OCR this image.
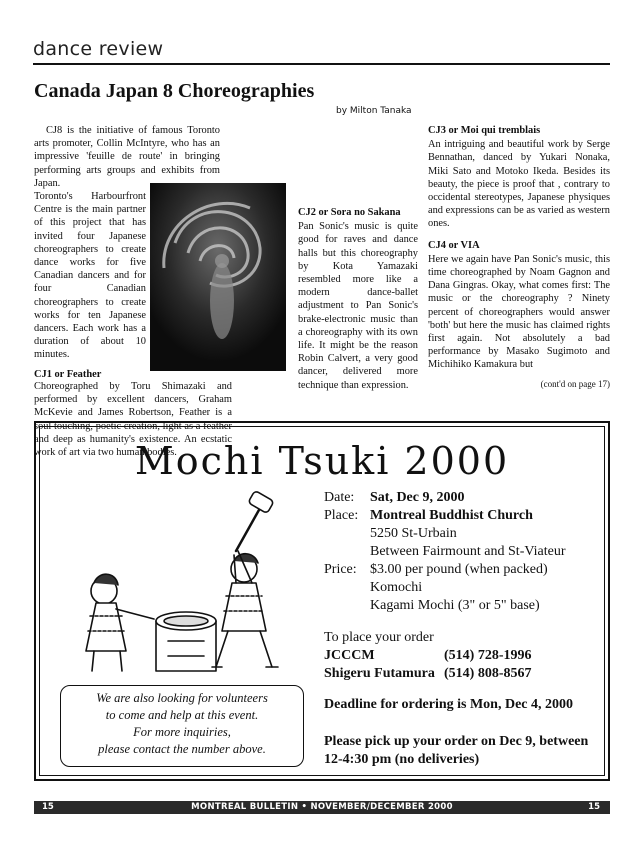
dance review
Canada Japan 8 Choreographies
by Milton Tanaka

CJ8 is the initiative of famous Toronto arts promoter, Collin McIntyre, who has an impressive 'feuille de route' in bringing performing arts groups and exhibits from Japan.

Toronto's Harbourfront Centre is the main partner of this project that has invited four Japanese choreographers to create dance works for five Canadian dancers and for four Canadian choreographers to create works for ten Japanese dancers. Each work has a duration of about 10 minutes.
CJ1 or Feather
Choreographed by Toru Shimazaki and performed by excellent dancers, Graham McKevie and James Robertson, Feather is a soul touching, poetic creation, light as a feather and deep as humanity's existence. An ecstatic work of art via two human bodies.
CJ2 or Sora no Sakana
Pan Sonic's music is quite good for raves and dance halls but this choreography by Kota Yamazaki resembled more like a modern dance-ballet adjustment to Pan Sonic's brake-electronic music than a choreography with its own life. It might be the reason Robin Calvert, a very good dancer, delivered more technique than expression.
CJ3 or Moi qui tremblais

An intriguing and beautiful work by Serge Bennathan, danced by Yukari Nonaka, Miki Sato and Motoko Ikeda. Besides its beauty, the piece is proof that , contrary to occidental stereotypes, Japanese physiques and expressions can be as varied as western ones.

CJ4 or VIA

Here we again have Pan Sonic's music, this time choreographed by Noam Gagnon and Dana Gingras. Okay, what comes first: The music or the choreography ? Ninety percent of choreographers would answer 'both' but here the music has claimed rights first again. Not absolutely a bad performance by Masako Sugimoto and Michihiko Kamakura but

(cont'd on page 17)
Mochi Tsuki 2000
Date:	Sat, Dec 9, 2000
Place: Montreal Buddhist Church
5250 St-Urbain
Between Fairmount and St-Viateur
Price: $3.00 per pound (when packed)
Komochi
Kagami Mochi (3" or 5" base)
To place your order
JCCCM	(514) 728-1996
Shigeru Futamura (514) 808-8567
Deadline for ordering is Mon, Dec 4, 2000
Please pick up your order on Dec 9, between 12-4:30 pm (no deliveries)
We are also looking for volunteers
to come and help at this event.
For more inquiries,
please contact the number above.
15	MONTREAL BULLETIN • NOVEMBER/DECEMBER 2000	15
